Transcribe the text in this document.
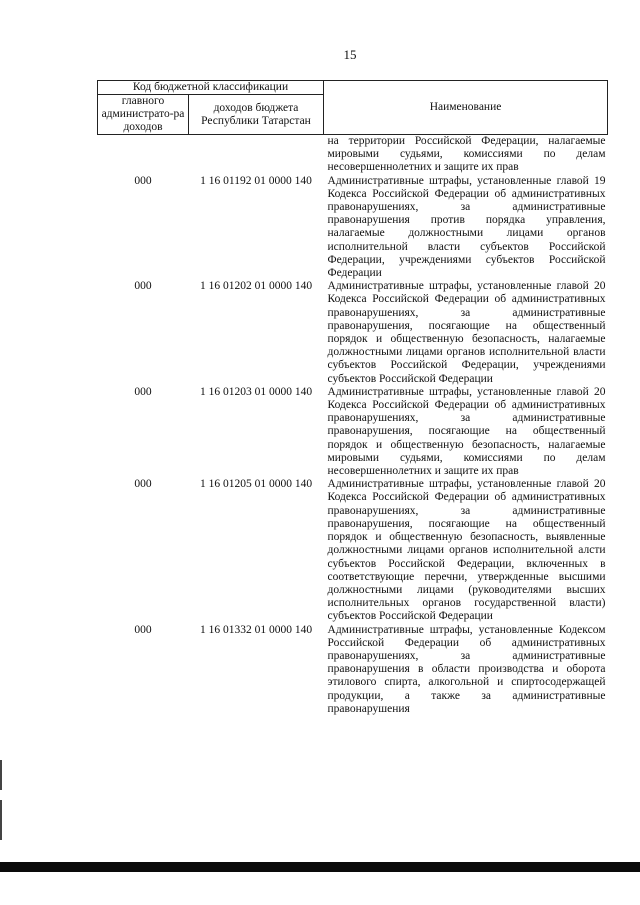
15
Код бюджетной классификации		Наименование
главного администрато-ра доходов	доходов бюджета Республики Татарстан	
		на территории Российской Федерации, налагаемые мировыми судьями, комиссиями по делам несовершеннолетних и защите их прав
000	1 16 01192 01 0000 140	Административные штрафы, установленные главой 19 Кодекса Российской Федерации об административных правонарушениях, за административные правонарушения против порядка управления, налагаемые должностными лицами органов исполнительной власти субъектов Российской Федерации, учреждениями субъектов Российской Федерации
000	1 16 01202 01 0000 140	Административные штрафы, установленные главой 20 Кодекса Российской Федерации об административных правонарушениях, за административные правонарушения, посягающие на общественный порядок и общественную безопасность, налагаемые должностными лицами органов исполнительной власти субъектов Российской Федерации, учреждениями субъектов Российской Федерации
000	1 16 01203 01 0000 140	Административные штрафы, установленные главой 20 Кодекса Российской Федерации об административных правонарушениях, за административные правонарушения, посягающие на общественный порядок и общественную безопасность, налагаемые мировыми судьями, комиссиями по делам несовершеннолетних и защите их прав
000	1 16 01205 01 0000 140	Административные штрафы, установленные главой 20 Кодекса Российской Федерации об административных правонарушениях, за административные правонарушения, посягающие на общественный порядок и общественную безопасность, выявленные должностными лицами органов исполнительной алсти субъектов Российской Федерации, включенных в соответствующие перечни, утвержденные высшими должностными лицами (руководителями высших исполнительных органов государственной власти) субъектов Российской Федерации
000	1 16 01332 01 0000 140	Административные штрафы, установленные Кодексом Российской Федерации об административных правонарушениях, за административные правонарушения в области производства и оборота этилового спирта, алкогольной и спиртосодержащей продукции, а также за административные правонарушения
